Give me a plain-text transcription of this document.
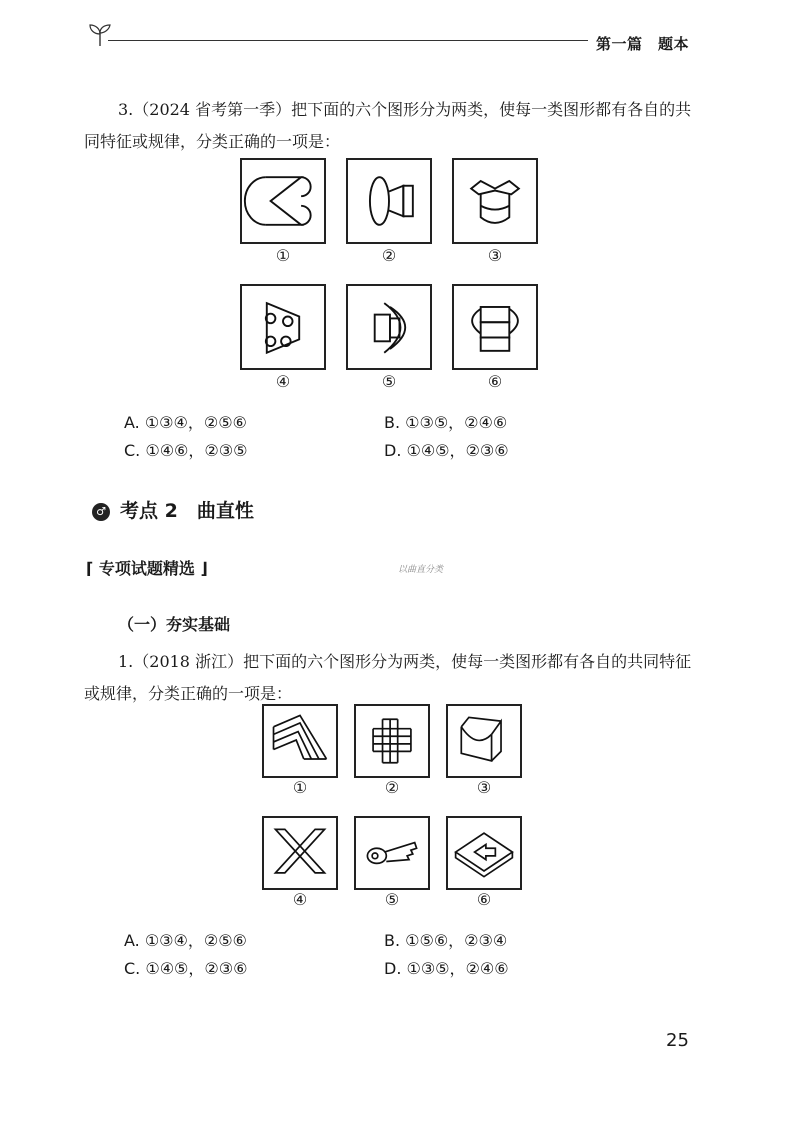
第一篇　题本
3.（2024 省考第一季）把下面的六个图形分为两类，使每一类图形都有各自的共
同特征或规律，分类正确的一项是：
①	②	③
④	⑤	⑥
A. ①③④，②⑤⑥	B. ①③⑤，②④⑥
C. ①④⑥，②③⑤	D. ①④⑤，②③⑥
♂ 考点 2　曲直性
⌈ 专项试题精选 ⌋	以曲直分类
（一）夯实基础
1.（2018 浙江）把下面的六个图形分为两类，使每一类图形都有各自的共同特征
或规律，分类正确的一项是：
①	②	③
④	⑤	⑥
A. ①③④，②⑤⑥	B. ①⑤⑥，②③④
C. ①④⑤，②③⑥	D. ①③⑤，②④⑥
25
